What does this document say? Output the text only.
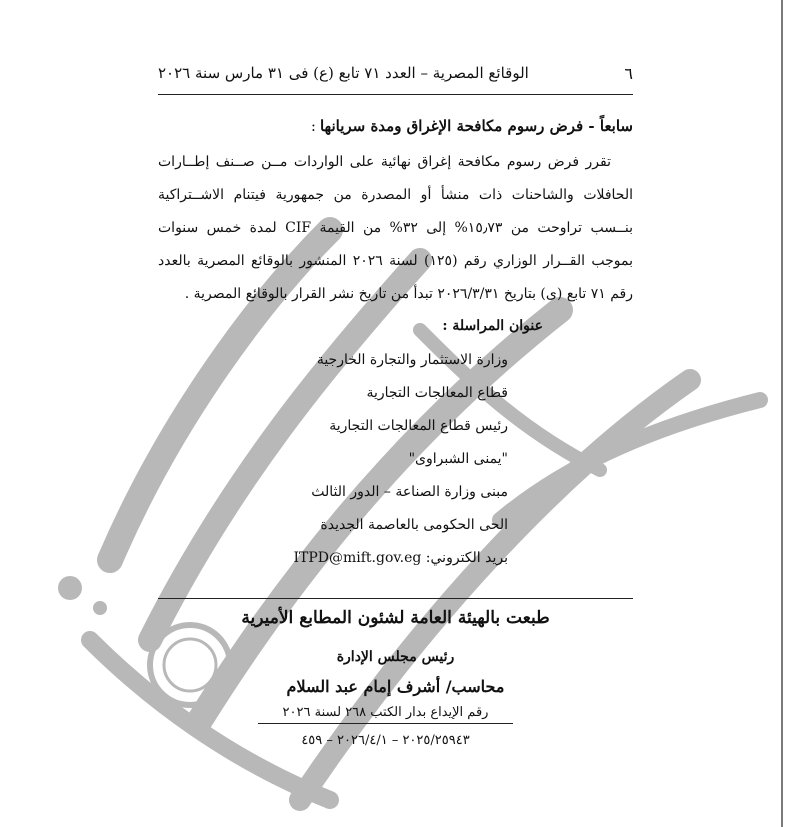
٦
الوقائع المصرية – العدد ٧١ تابع (ع) فى ٣١ مارس سنة ٢٠٢٦
سابعاً - فرض رسوم مكافحة الإغراق ومدة سريانها:
تقرر فرض رسوم مكافحة إغراق نهائية على الواردات مــن صــنف إطــارات الحافلات والشاحنات ذات منشأ أو المصدرة من جمهورية فيتنام الاشــتراكية بنــسب تراوحت من ١٥٫٧٣% إلى ٣٢% من القيمة CIF لمدة خمس سنوات بموجب القــرار الوزاري رقم (١٢٥) لسنة ٢٠٢٦ المنشور بالوقائع المصرية بالعدد رقم ٧١ تابع (ى) بتاريخ ٢٠٢٦/٣/٣١ تبدأ من تاريخ نشر القرار بالوقائع المصرية .
عنوان المراسلة :
وزارة الاستثمار والتجارة الخارجية
قطاع المعالجات التجارية
رئيس قطاع المعالجات التجارية
"يمنى الشبراوى"
مبنى وزارة الصناعة – الدور الثالث
الحى الحكومى بالعاصمة الجديدة
بريد الكتروني: ITPD@mift.gov.eg
طبعت بالهيئة العامة لشئون المطابع الأميرية
رئيس مجلس الإدارة
محاسب/ أشرف إمام عبد السلام
رقم الإيداع بدار الكتب ٢٦٨ لسنة ٢٠٢٦
٢٠٢٥/٢٥٩٤٣ – ٢٠٢٦/٤/١ – ٤٥٩
